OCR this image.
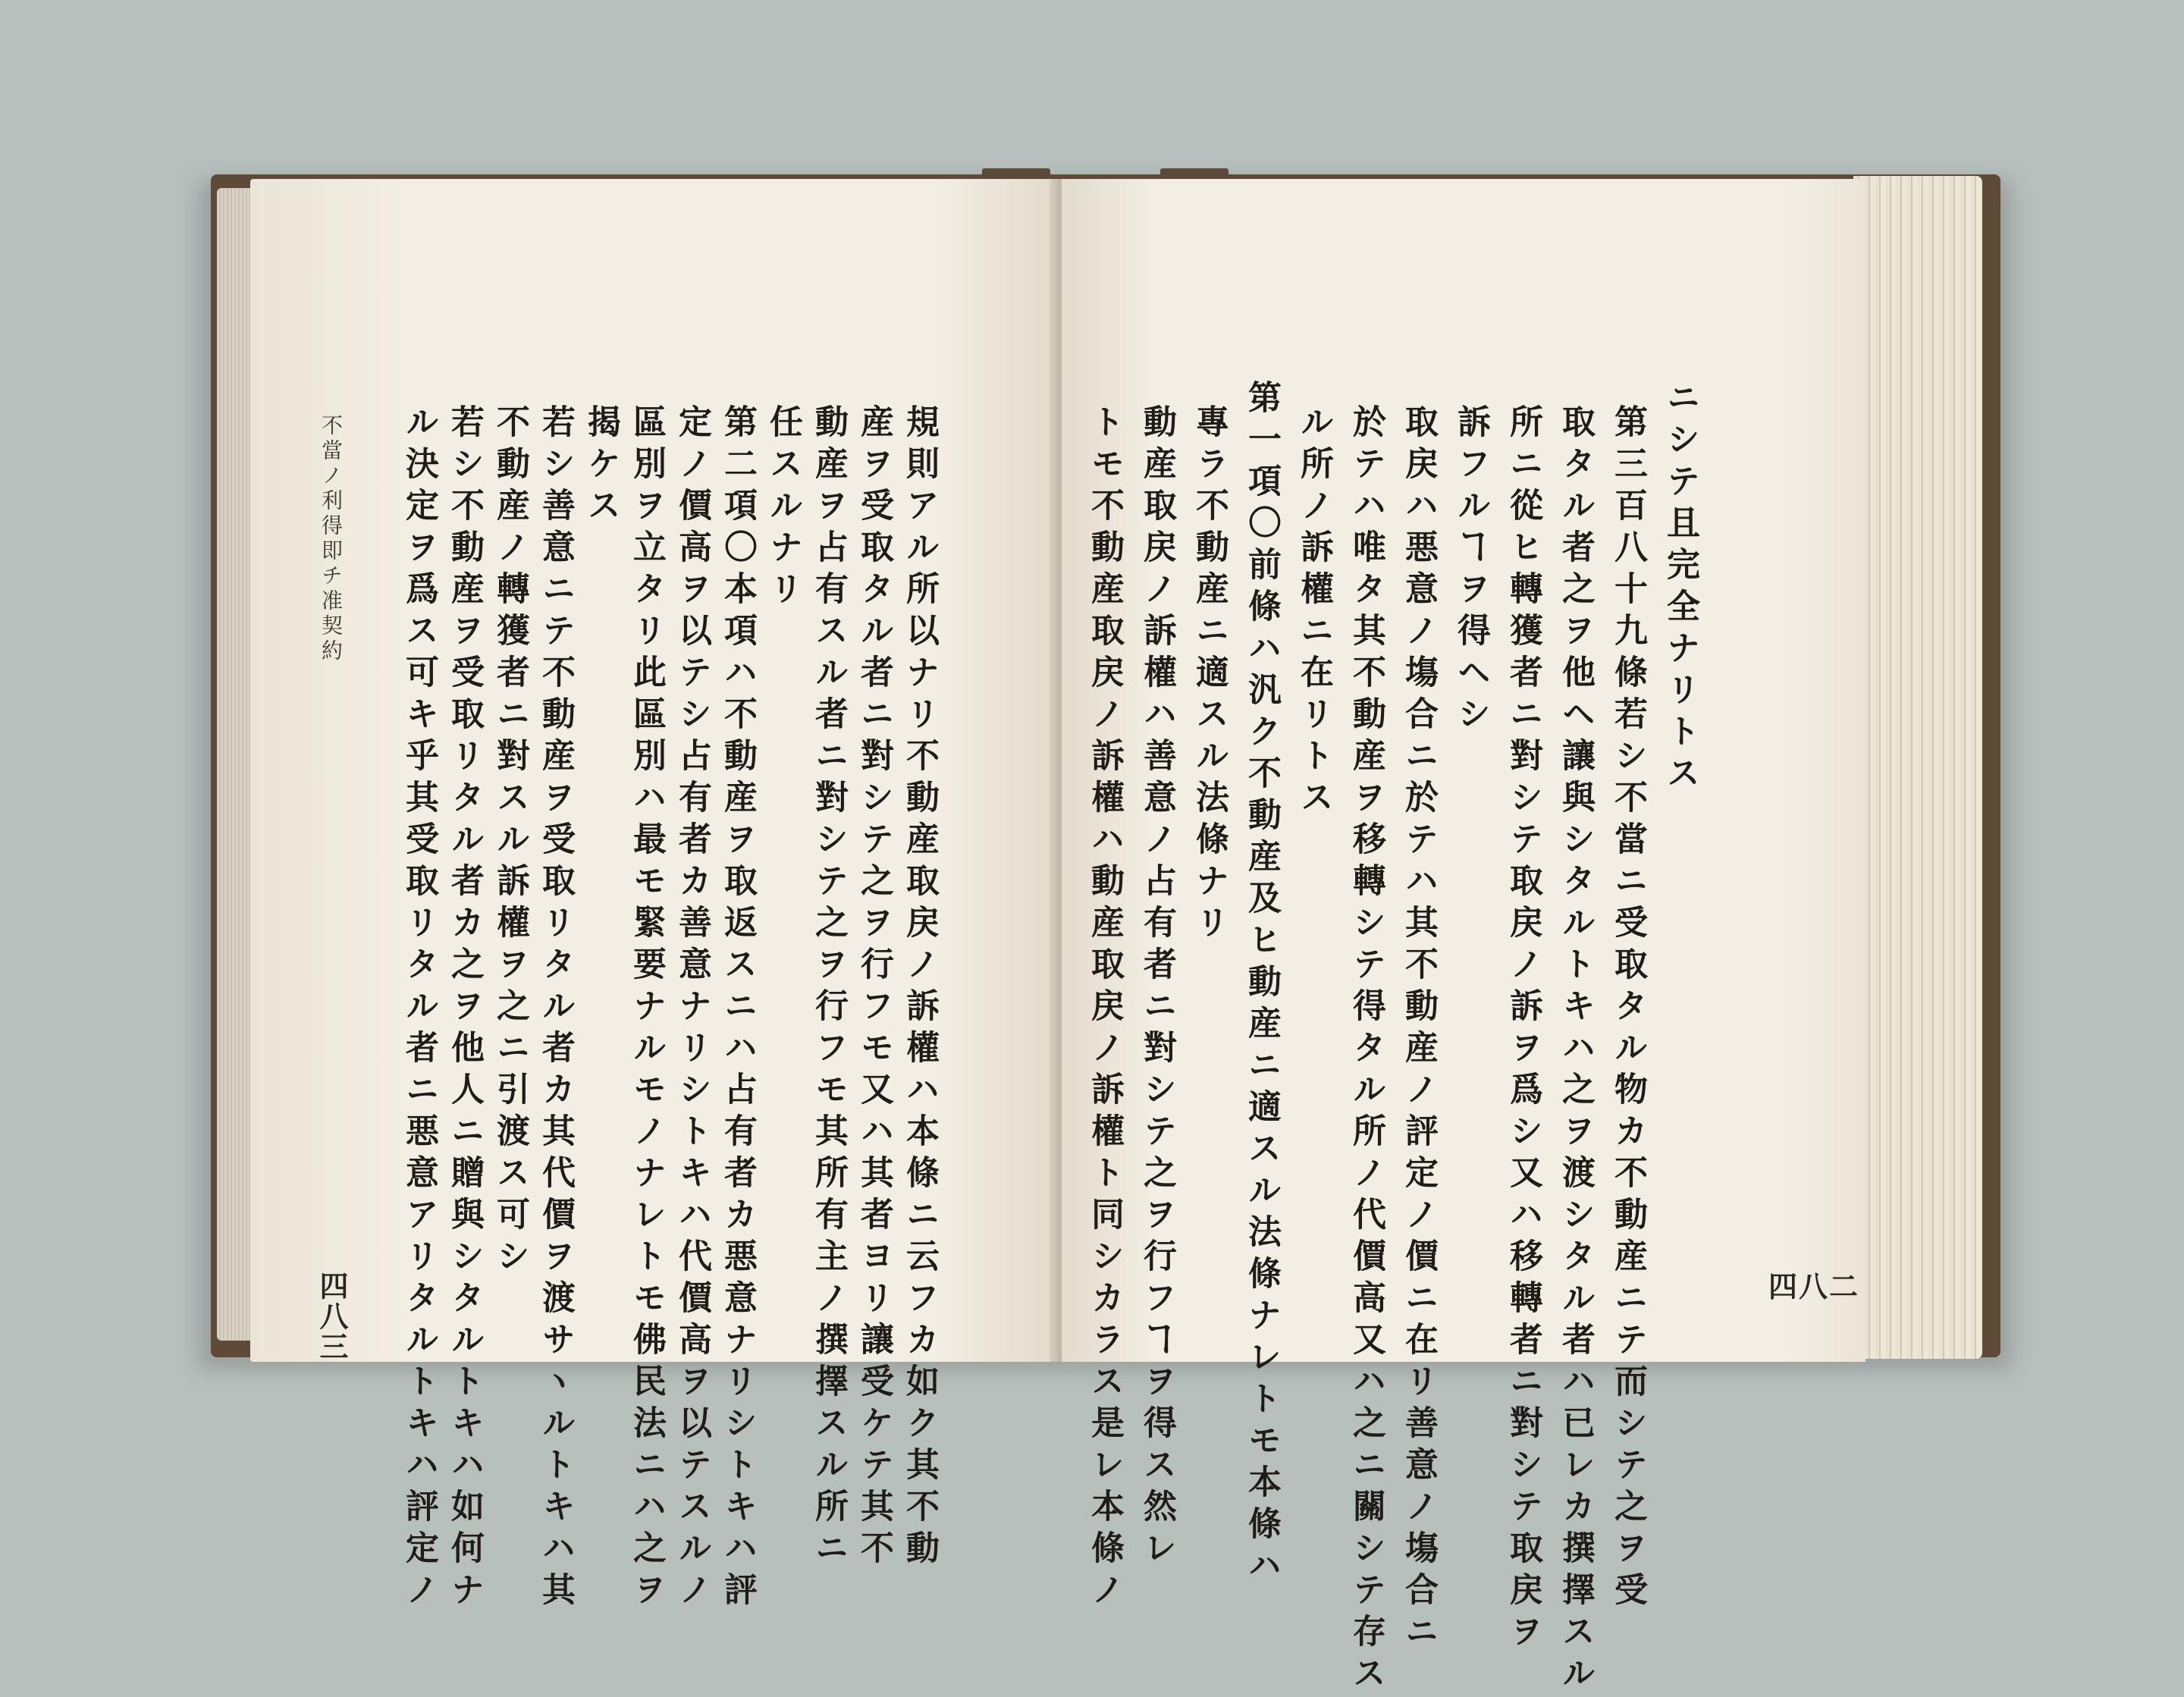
不當ノ利得即チ准契約
四八三	規則アル所以ナリ不動産取戻ノ訴權ハ本條ニ云フカ如ク其不動
産ヲ受取タル者ニ對シテ之ヲ行フモ又ハ其者ヨリ讓受ケテ其不
動産ヲ占有スル者ニ對シテ之ヲ行フモ其所有主ノ撰擇スル所ニ
任スルナリ
第二項〇本項ハ不動産ヲ取返スニハ占有者カ悪意ナリシトキハ評
定ノ價高ヲ以テシ占有者カ善意ナリシトキハ代價高ヲ以テスルノ
區別ヲ立タリ此區別ハ最モ緊要ナルモノナレトモ佛民法ニハ之ヲ
揭ケス
若シ善意ニテ不動産ヲ受取リタル者カ其代價ヲ渡サヽルトキハ其
不動産ノ轉獲者ニ對スル訴權ヲ之ニ引渡ス可シ
若シ不動産ヲ受取リタル者カ之ヲ他人ニ贈與シタルトキハ如何ナ
ル決定ヲ爲ス可キ乎其受取リタル者ニ悪意アリタルトキハ評定ノ	四八二
ニシテ且完全ナリトス
第三百八十九條若シ不當ニ受取タル物カ不動産ニテ而シテ之ヲ受
取タル者之ヲ他ヘ讓與シタルトキハ之ヲ渡シタル者ハ已レカ撰擇スル
所ニ從ヒ轉獲者ニ對シテ取戻ノ訴ヲ爲シ又ハ移轉者ニ對シテ取戻ヲ
訴フルヿヲ得ヘシ
取戻ハ悪意ノ塲合ニ於テハ其不動産ノ評定ノ價ニ在リ善意ノ塲合ニ
於テハ唯タ其不動産ヲ移轉シテ得タル所ノ代價高又ハ之ニ關シテ存ス
ル所ノ訴權ニ在リトス
第一項〇前條ハ汎ク不動産及ヒ動産ニ適スル法條ナレトモ本條ハ
專ラ不動産ニ適スル法條ナリ
動産取戻ノ訴權ハ善意ノ占有者ニ對シテ之ヲ行フヿヲ得ス然レ
トモ不動産取戻ノ訴權ハ動産取戻ノ訴權ト同シカラス是レ本條ノ
